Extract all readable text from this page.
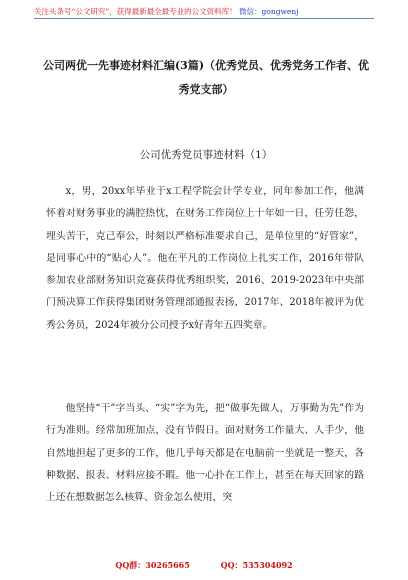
关注头条号“公文研究”，获得最新最全最专业的公文资料库！ 微信：gongwenj
公司两优一先事迹材料汇编(3篇)（优秀党员、优秀党务工作者、优秀党支部）
公司优秀党员事迹材料（1）

x，男，20xx年毕业于x工程学院会计学专业，同年参加工作，他满怀着对财务事业的满腔热忱，在财务工作岗位上十年如一日，任劳任怨，埋头苦干，克己奉公，时刻以严格标准要求自己，是单位里的“好管家”，是同事心中的“贴心人”。他在平凡的工作岗位上扎实工作，2016年带队参加农业部财务知识竞赛获得优秀组织奖，2016、2019-2023年中央部门预决算工作获得集团财务管理部通报表扬，2017年、2018年被评为优秀公务员，2024年被分公司授予x好青年五四奖章。

他坚持“干”字当头、“实”字为先，把“做事先做人，万事勤为先”作为行为准则。经常加班加点，没有节假日。面对财务工作量大、人手少，他自然地担起了更多的工作，他几乎每天都是在电脑前一坐就是一整天，各种数据、报表、材料应接不暇。他一心扑在工作上，甚至在每天回家的路上还在想数据怎么核算、资金怎么使用，突

QQ群：30265665	QQ：535304092
